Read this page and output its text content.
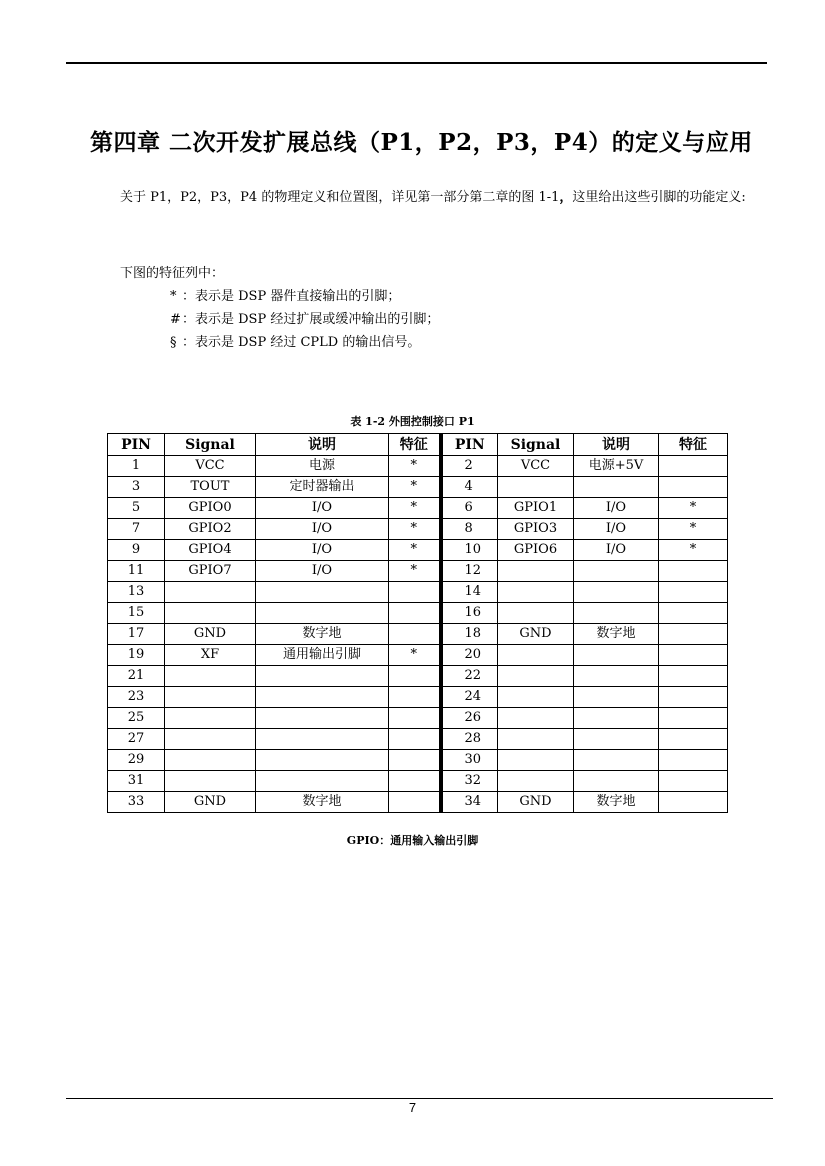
第四章 二次开发扩展总线（P1，P2，P3，P4）的定义与应用

关于 P1，P2，P3，P4 的物理定义和位置图，详见第一部分第二章的图 1-1，这里给出这些引脚的功能定义:

下图的特征列中：
* ：表示是 DSP 器件直接输出的引脚；
#：表示是 DSP 经过扩展或缓冲输出的引脚；
§ ：表示是 DSP 经过 CPLD 的输出信号。
表 1-2 外围控制接口 P1
PIN	Signal	说明	特征	PIN	Signal	说明	特征
1	VCC	电源	*	2	VCC	电源+5V	
3	TOUT	定时器输出	*	4			
5	GPIO0	I/O	*	6	GPIO1	I/O	*
7	GPIO2	I/O	*	8	GPIO3	I/O	*
9	GPIO4	I/O	*	10	GPIO6	I/O	*
11	GPIO7	I/O	*	12			
13				14			
15				16			
17	GND	数字地		18	GND	数字地	
19	XF	通用输出引脚	*	20			
21				22			
23				24			
25				26			
27				28			
29				30			
31				32			
33	GND	数字地		34	GND	数字地	
GPIO：通用输入输出引脚
7
